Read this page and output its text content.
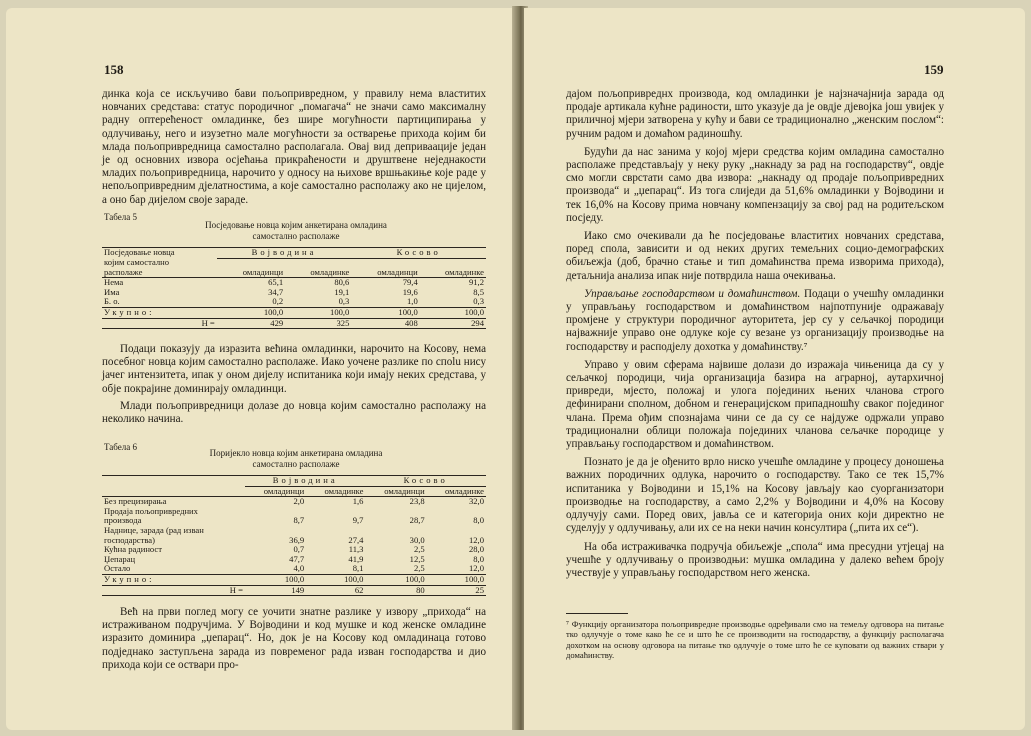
158

динка која се искључиво бави пољопривредном, у правилу нема властитих новчаних средстава: статус породичног „помагача“ не значи само максималну радну оптерећеност омладинке, без шире могућности партиципирања у одлучивању, него и изузетно мале могућности за остварење прихода којим би млада пољопривредница самостално располагала. Овај вид деприваације један је од основних извора осјећања прикраћености и друштвене неједнакости младих пољопривредница, нарочито у односу на њихове вршњакиње које раде у непољопривредним дјелатностима, а које самостално располажу ако не цијелом, а оно бар дијелом своје зараде.

Табела 5
Посједовање новца којим анкетирана омладина
самостално располаже
Посједовање новца	Војводина		Косово	
којим самостално				
располаже	омладинци	омладинке	омладинци	омладинке
Нема	65,1	80,6	79,4	91,2
Има	34,7	19,1	19,6	8,5
Б. о.	0,2	0,3	1,0	0,3
Укупно:	100,0	100,0	100,0	100,0
Н =	429	325	408	294

Подаци показују да изразита већина омладинки, нарочито на Косову, нема посебног новца којим самостално располаже. Иако уочене разлике по спolu нису јачег интензитета, ипак у оном дијелу испитаника који имају неких средстава, у обје покрајине доминирају омладинци.

Млади пољопривредници долазе до новца којим самостално располажу на неколико начина.

Табела 6
Поријекло новца којим анкетирана омладина
самостално располаже
	Војводина		Косово	
	омладинци	омладинке	омладинци	омладинке
Без прецизирања	2,0	1,6	23,8	32,0
Продаја пољопривредних				
производа	8,7	9,7	28,7	8,0
Наднице, зарада (рад изван				
господарства)	36,9	27,4	30,0	12,0
Кућна радиност	0,7	11,3	2,5	28,0
Џепарац	47,7	41,9	12,5	8,0
Остало	4,0	8,1	2,5	12,0
Укупно:	100,0	100,0	100,0	100,0
Н =	149	62	80	25

Већ на први поглед могу се уочити знатне разлике у извору „прихода“ на истраживаном подручјима. У Војводини и код мушке и код женске омладине изразито доминира „џепарац“. Но, док је на Косову код омладинаца готово подједнако заступљена зарада из повременог рада изван господарства и дио прихода који се оствари про-

159

дајом пољопривреднх производа, код омладинки је најзначајнија зарада од продаје артикала кућне радиности, што указује да је овдје дјевојка још увијек у приличној мјери затворена у кућу и бави се традиционално „женским послом“: ручним радом и домаћом радиношћу.

Будући да нас занима у којој мјери средства којим омладина самостално располаже представљају у неку руку „накнаду за рад на господарству“, овдје смо могли сврстати само два извора: „накнаду од продаје пољопривредних производа“ и „џепарац“. Из тога слиједи да 51,6% омладинки у Војводини и тек 16,0% на Косову прима новчану компензацију за свој рад на родитељском посједу.

Иако смо очекивали да ће посједовање властитих новчаних средстава, поред спола, зависити и од неких других темељних социо-демографских обиљежја (доб, брачно стање и тип домаћинства према изворима прихода), детаљнија анализа ипак није потврдила наша очекивања.

Управљање господарством и домаћинством. Подаци о учешћу омладинки у управљању господарством и домаћинством најпотпуније одражавају промјене у структури породичног ауторитета, јер су у сељачкој породици најважније управо оне одлуке које су везане уз организацију производње на господарству и расподјелу дохотка у домаћинству.⁷

Управо у овим сферама највише долази до изражаја чињеница да су у сељачкој породици, чија организација базира на аграрној, аутархичној привреди, мјесто, положај и улога појединих њених чланова строго дефинирани сполном, добном и генерацијском припадношћу сваког појединог члана. Према ођим спознајама чини се да су се најдуже одржали управо традиционални облици положаја појединих чланова сељачке породице у управљању господарством и домаћинством.

Познато је да је ођенито врло ниско учешће омладине у процесу доношења важних породичних одлука, нарочито о господарству. Тако се тек 15,7% испитаника у Војводини и 15,1% на Косову јављају као суорганизатори производње на господарству, а само 2,2% у Војводини и 4,0% на Косову одлучују сами. Поред ових, јавља се и категорија оних који директно не суделују у одлучивању, али их се на неки начин консултира („пита их се“).

На оба истраживачка подручја обиљежје „спола“ има пресудни утјецај на учешће у одлучивању о производњи: мушка омладина у далеко већем броју учествује у управљању господарством него женска.

⁷ Функцију организатора пољопривредне производње одређивали смо на темељу одговора на питање тко одлучује о томе како ће се и што ће се производити на господарству, а функцију располагача дохотком на основу одговора на питање тко одлучује о томе што ће се куповати од важних ствари у домаћинству.
